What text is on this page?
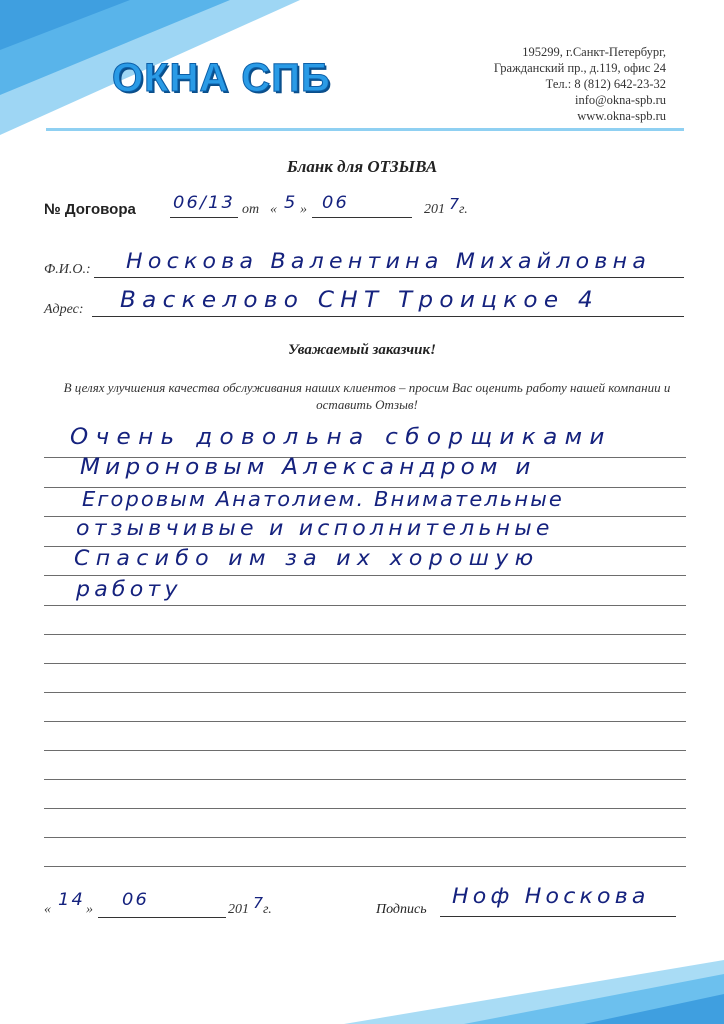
ОКНА СПБ
195299, г.Санкт-Петербург,
Гражданский пр., д.119, офис 24
Тел.: 8 (812) 642-23-32
info@okna-spb.ru
www.okna-spb.ru
Бланк для ОТЗЫВА
№ Договора 06/13 от « 5 » 06	201 7
г.
Ф.И.О.: Носкова Валентина Михайловна
Адрес: Васкелово СНТ Троицкое 4
Уважаемый заказчик!
В целях улучшения качества обслуживания наших клиентов – просим Вас оценить работу нашей компании и оставить Отзыв!
Очень довольна сборщиками
Мироновым Александром и
Егоровым Анатолием. Внимательные
отзывчивые и исполнительные
Спасибо им за их хорошую
работу
« 14 » 06	201 7
г.	Подпись
Ноф Носкова
